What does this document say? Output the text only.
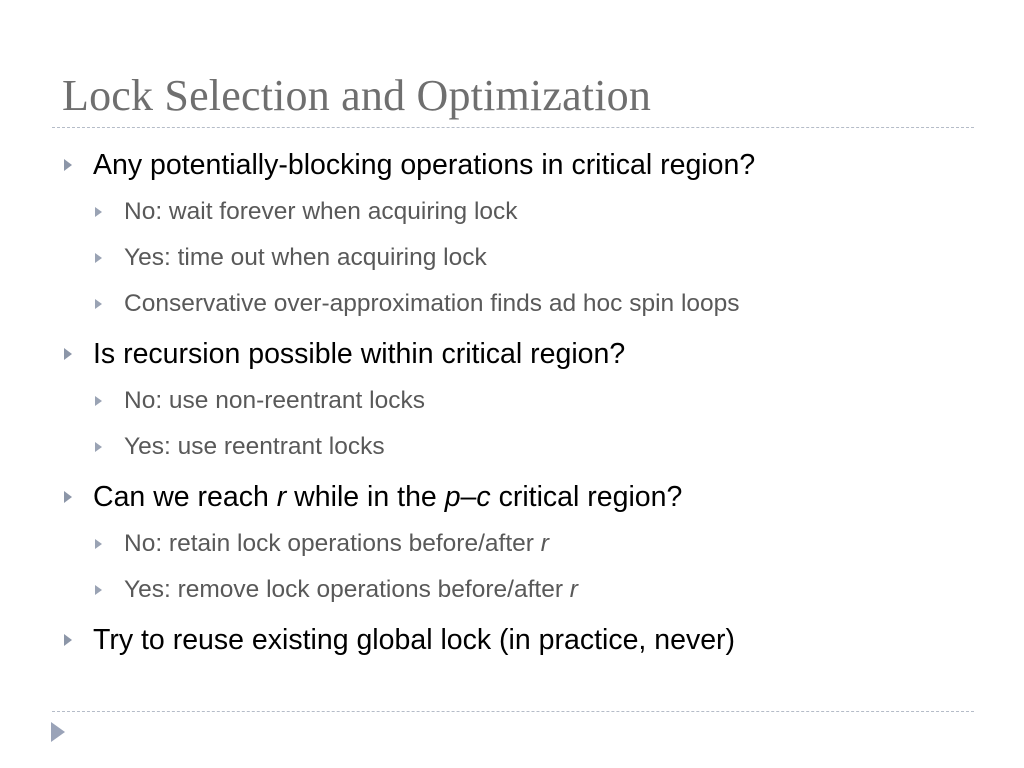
Lock Selection and Optimization
Any potentially-blocking operations in critical region?
No: wait forever when acquiring lock
Yes: time out when acquiring lock
Conservative over-approximation finds ad hoc spin loops
Is recursion possible within critical region?
No: use non-reentrant locks
Yes: use reentrant locks
Can we reach r while in the p–c critical region?
No: retain lock operations before/after r
Yes: remove lock operations before/after r
Try to reuse existing global lock (in practice, never)
